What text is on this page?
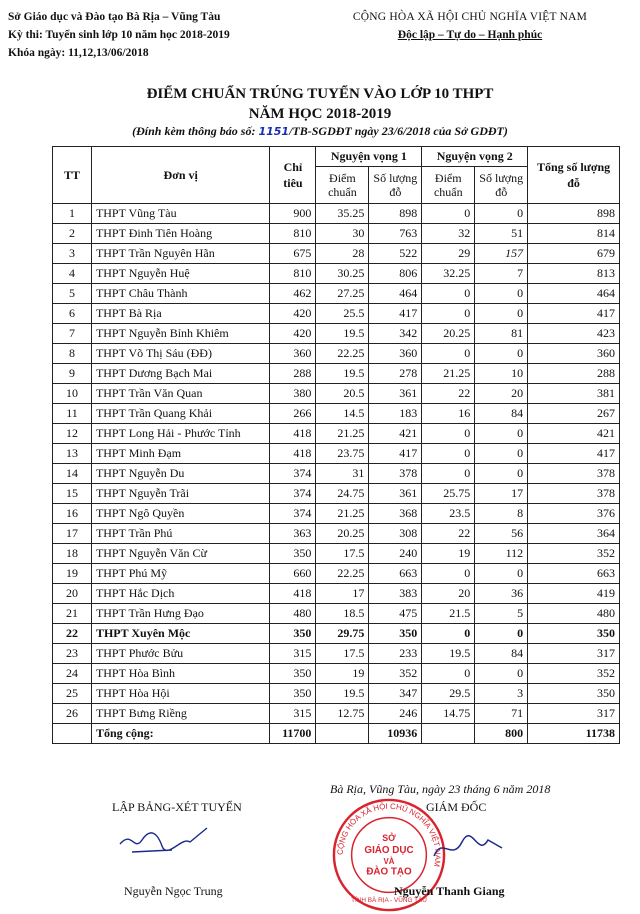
Sở Giáo dục và Đào tạo Bà Rịa – Vũng Tàu
Kỳ thi: Tuyển sinh lớp 10 năm học 2018-2019
Khóa ngày: 11,12,13/06/2018
CỘNG HÒA XÃ HỘI CHỦ NGHĨA VIỆT NAM
Độc lập – Tự do – Hạnh phúc
ĐIỂM CHUẨN TRÚNG TUYỂN VÀO LỚP 10 THPT
NĂM HỌC 2018-2019
(Đính kèm thông báo số: 1151/TB-SGDĐT ngày 23/6/2018 của Sở GDĐT)
TT	Đơn vị	Chỉ tiêu	Nguyện vọng 1		Nguyện vọng 2		Tổng số lượng đỗ
			Điểm chuẩn	Số lượng đỗ	Điểm chuẩn	Số lượng đỗ	
1	THPT Vũng Tàu	900	35.25	898	0	0	898
2	THPT Đinh Tiên Hoàng	810	30	763	32	51	814
3	THPT Trần Nguyên Hãn	675	28	522	29	157	679
4	THPT Nguyễn Huệ	810	30.25	806	32.25	7	813
5	THPT Châu Thành	462	27.25	464	0	0	464
6	THPT Bà Rịa	420	25.5	417	0	0	417
7	THPT Nguyễn Bỉnh Khiêm	420	19.5	342	20.25	81	423
8	THPT Võ Thị Sáu (ĐĐ)	360	22.25	360	0	0	360
9	THPT Dương Bạch Mai	288	19.5	278	21.25	10	288
10	THPT Trần Văn Quan	380	20.5	361	22	20	381
11	THPT Trần Quang Khải	266	14.5	183	16	84	267
12	THPT Long Hải - Phước Tỉnh	418	21.25	421	0	0	421
13	THPT Minh Đạm	418	23.75	417	0	0	417
14	THPT Nguyễn Du	374	31	378	0	0	378
15	THPT Nguyễn Trãi	374	24.75	361	25.75	17	378
16	THPT Ngô Quyền	374	21.25	368	23.5	8	376
17	THPT Trần Phú	363	20.25	308	22	56	364
18	THPT Nguyễn Văn Cừ	350	17.5	240	19	112	352
19	THPT Phú Mỹ	660	22.25	663	0	0	663
20	THPT Hắc Dịch	418	17	383	20	36	419
21	THPT Trần Hưng Đạo	480	18.5	475	21.5	5	480
22	THPT Xuyên Mộc	350	29.75	350	0	0	350
23	THPT Phước Bửu	315	17.5	233	19.5	84	317
24	THPT Hòa Bình	350	19	352	0	0	352
25	THPT Hòa Hội	350	19.5	347	29.5	3	350
26	THPT Bưng Riềng	315	12.75	246	14.75	71	317
	Tổng cộng:	11700		10936		800	11738
Bà Rịa, Vũng Tàu, ngày 23 tháng 6 năm 2018
LẬP BẢNG-XÉT TUYỂN	GIÁM ĐỐC
CỘNG HÒA XÃ HỘI CHỦ NGHĨA VIỆT NAM
SỞ
GIÁO DỤC
VÀ
ĐÀO TẠO
TỈNH BÀ RỊA - VŨNG TÀU
Nguyễn Ngọc Trung	Nguyễn Thanh Giang
